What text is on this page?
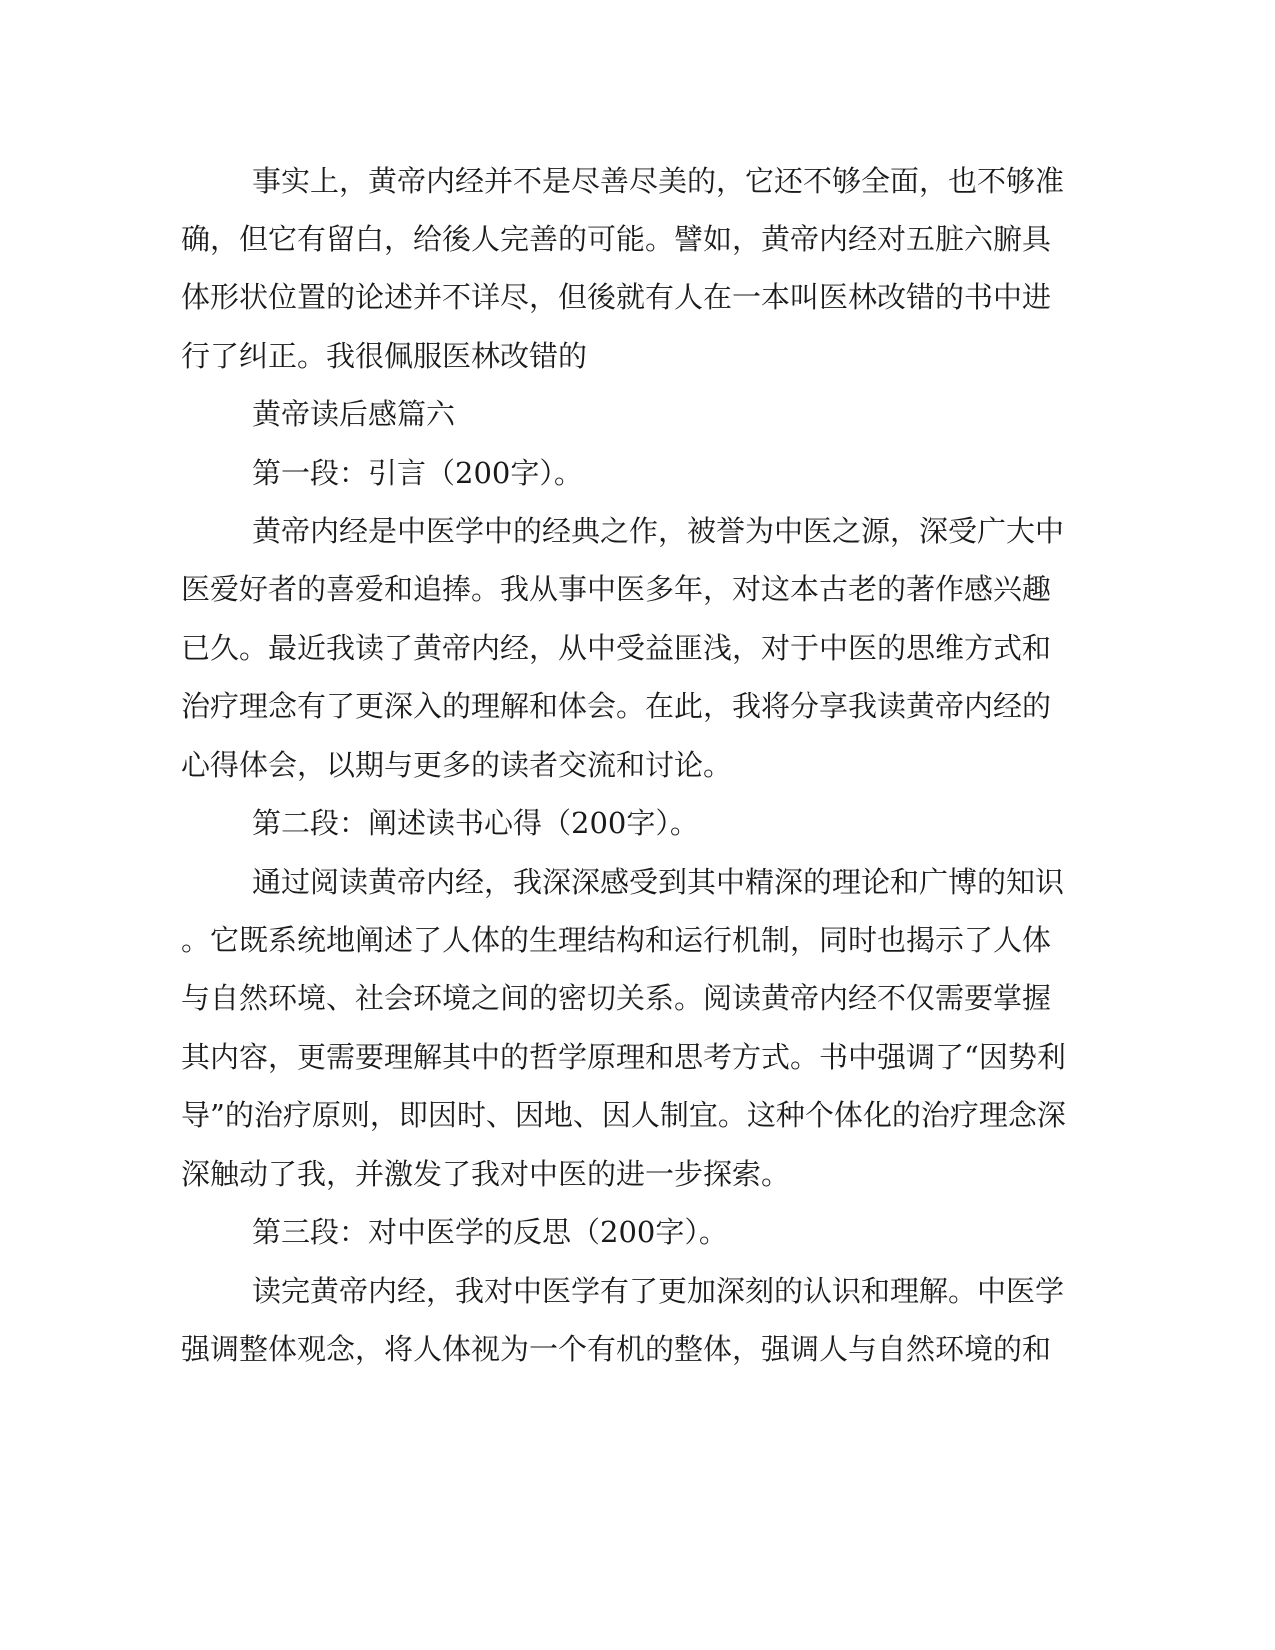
事实上，黄帝内经并不是尽善尽美的，它还不够全面，也不够准

确，但它有留白，给後人完善的可能。譬如，黄帝内经对五脏六腑具

体形状位置的论述并不详尽，但後就有人在一本叫医林改错的书中进

行了纠正。我很佩服医林改错的

黄帝读后感篇六

第一段：引言（200字）。

黄帝内经是中医学中的经典之作，被誉为中医之源，深受广大中

医爱好者的喜爱和追捧。我从事中医多年，对这本古老的著作感兴趣

已久。最近我读了黄帝内经，从中受益匪浅，对于中医的思维方式和

治疗理念有了更深入的理解和体会。在此，我将分享我读黄帝内经的

心得体会，以期与更多的读者交流和讨论。

第二段：阐述读书心得（200字）。

通过阅读黄帝内经，我深深感受到其中精深的理论和广博的知识

。它既系统地阐述了人体的生理结构和运行机制，同时也揭示了人体

与自然环境、社会环境之间的密切关系。阅读黄帝内经不仅需要掌握

其内容，更需要理解其中的哲学原理和思考方式。书中强调了“因势利

导”的治疗原则，即因时、因地、因人制宜。这种个体化的治疗理念深

深触动了我，并激发了我对中医的进一步探索。

第三段：对中医学的反思（200字）。

读完黄帝内经，我对中医学有了更加深刻的认识和理解。中医学

强调整体观念，将人体视为一个有机的整体，强调人与自然环境的和
